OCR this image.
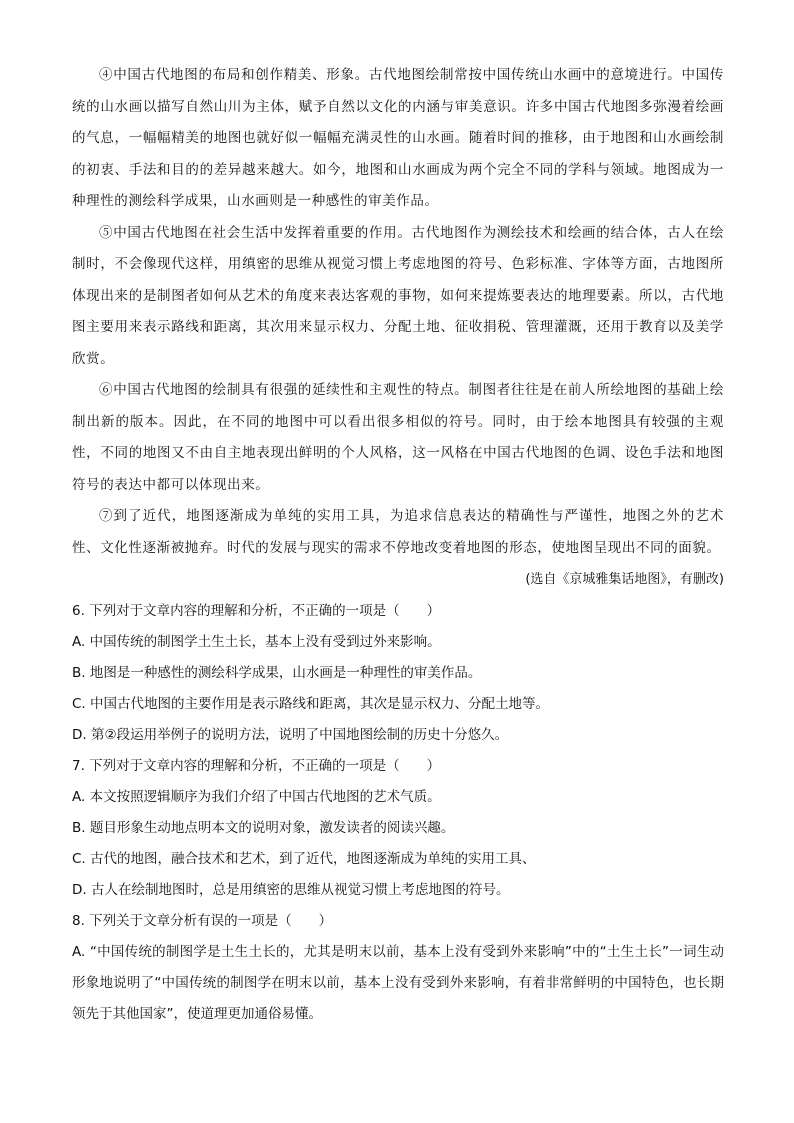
④中国古代地图的布局和创作精美、形象。古代地图绘制常按中国传统山水画中的意境进行。中国传统的山水画以描写自然山川为主体，赋予自然以文化的内涵与审美意识。许多中国古代地图多弥漫着绘画的气息，一幅幅精美的地图也就好似一幅幅充满灵性的山水画。随着时间的推移，由于地图和山水画绘制的初衷、手法和目的的差异越来越大。如今，地图和山水画成为两个完全不同的学科与领域。地图成为一种理性的测绘科学成果，山水画则是一种感性的审美作品。

⑤中国古代地图在社会生活中发挥着重要的作用。古代地图作为测绘技术和绘画的结合体，古人在绘制时，不会像现代这样，用缜密的思维从视觉习惯上考虑地图的符号、色彩标准、字体等方面，古地图所体现出来的是制图者如何从艺术的角度来表达客观的事物，如何来提炼要表达的地理要素。所以，古代地图主要用来表示路线和距离，其次用来显示权力、分配土地、征收捐税、管理灌溉，还用于教育以及美学欣赏。

⑥中国古代地图的绘制具有很强的延续性和主观性的特点。制图者往往是在前人所绘地图的基础上绘制出新的版本。因此，在不同的地图中可以看出很多相似的符号。同时，由于绘本地图具有较强的主观性，不同的地图又不由自主地表现出鲜明的个人风格，这一风格在中国古代地图的色调、设色手法和地图符号的表达中都可以体现出来。

⑦到了近代，地图逐渐成为单纯的实用工具，为追求信息表达的精确性与严谨性，地图之外的艺术性、文化性逐渐被抛弃。时代的发展与现实的需求不停地改变着地图的形态，使地图呈现出不同的面貌。

(选自《京城雅集话地图》，有删改)

6. 下列对于文章内容的理解和分析，不正确的一项是（　　）

A. 中国传统的制图学土生土长，基本上没有受到过外来影响。

B. 地图是一种感性的测绘科学成果，山水画是一种理性的审美作品。

C. 中国古代地图的主要作用是表示路线和距离，其次是显示权力、分配土地等。

D. 第②段运用举例子的说明方法，说明了中国地图绘制的历史十分悠久。

7. 下列对于文章内容的理解和分析，不正确的一项是（　　）

A. 本文按照逻辑顺序为我们介绍了中国古代地图的艺术气质。

B. 题目形象生动地点明本文的说明对象，激发读者的阅读兴趣。

C. 古代的地图，融合技术和艺术，到了近代，地图逐渐成为单纯的实用工具、

D. 古人在绘制地图时，总是用缜密的思维从视觉习惯上考虑地图的符号。

8. 下列关于文章分析有误的一项是（　　）

A. “中国传统的制图学是土生土长的，尤其是明末以前，基本上没有受到外来影响”中的“土生土长”一词生动形象地说明了“中国传统的制图学在明末以前，基本上没有受到外来影响，有着非常鲜明的中国特色，也长期领先于其他国家”，使道理更加通俗易懂。
